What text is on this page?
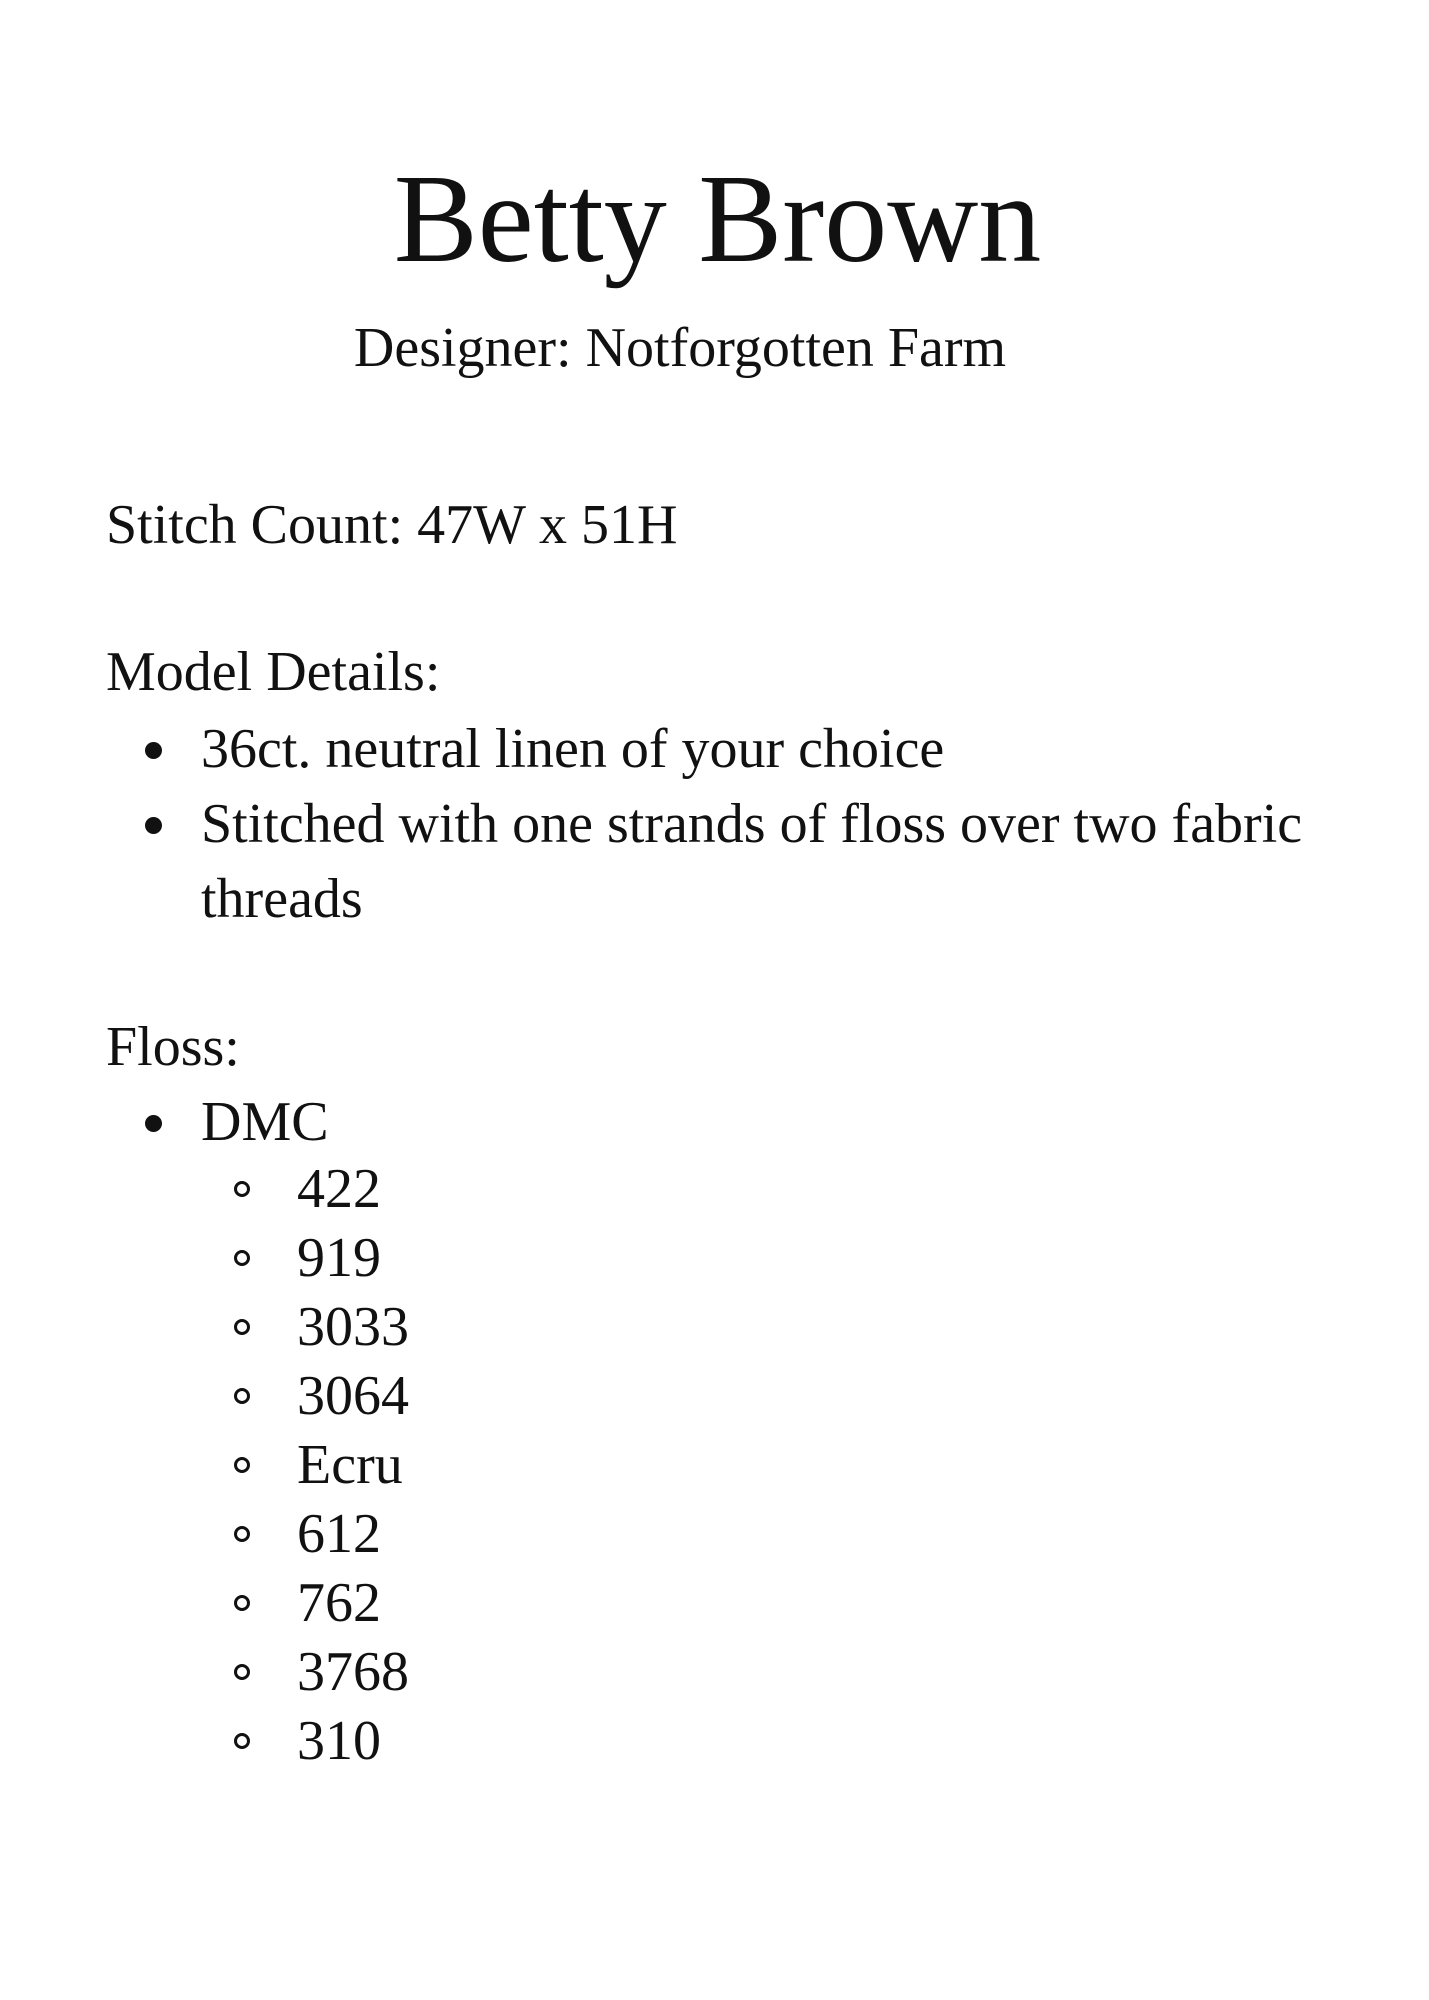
Betty Brown
Designer: Notforgotten Farm
Stitch Count: 47W x 51H
Model Details:
36ct. neutral linen of your choice
Stitched with one strands of floss over two fabric threads
Floss:
DMC
422
919
3033
3064
Ecru
612
762
3768
310
